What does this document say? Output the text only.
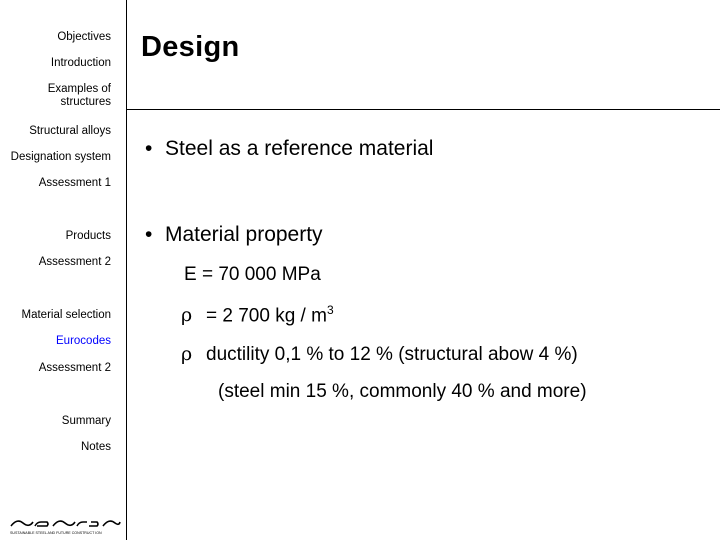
Objectives
Introduction
Examples of structures
Structural alloys
Designation system
Assessment 1
Products
Assessment 2
Material selection
Eurocodes
Assessment 2
Summary
Notes
SUSTAINABLE STEEL AND FUTURE CONSTRUCT ION
Design
• Steel as a reference material
• Material property
E = 70 000 MPa
ρ = 2 700 kg / $m^3$
ρ ductility 0,1 % to 12 % (structural abow 4 %)
(steel min 15 %, commonly 40 % and more)
